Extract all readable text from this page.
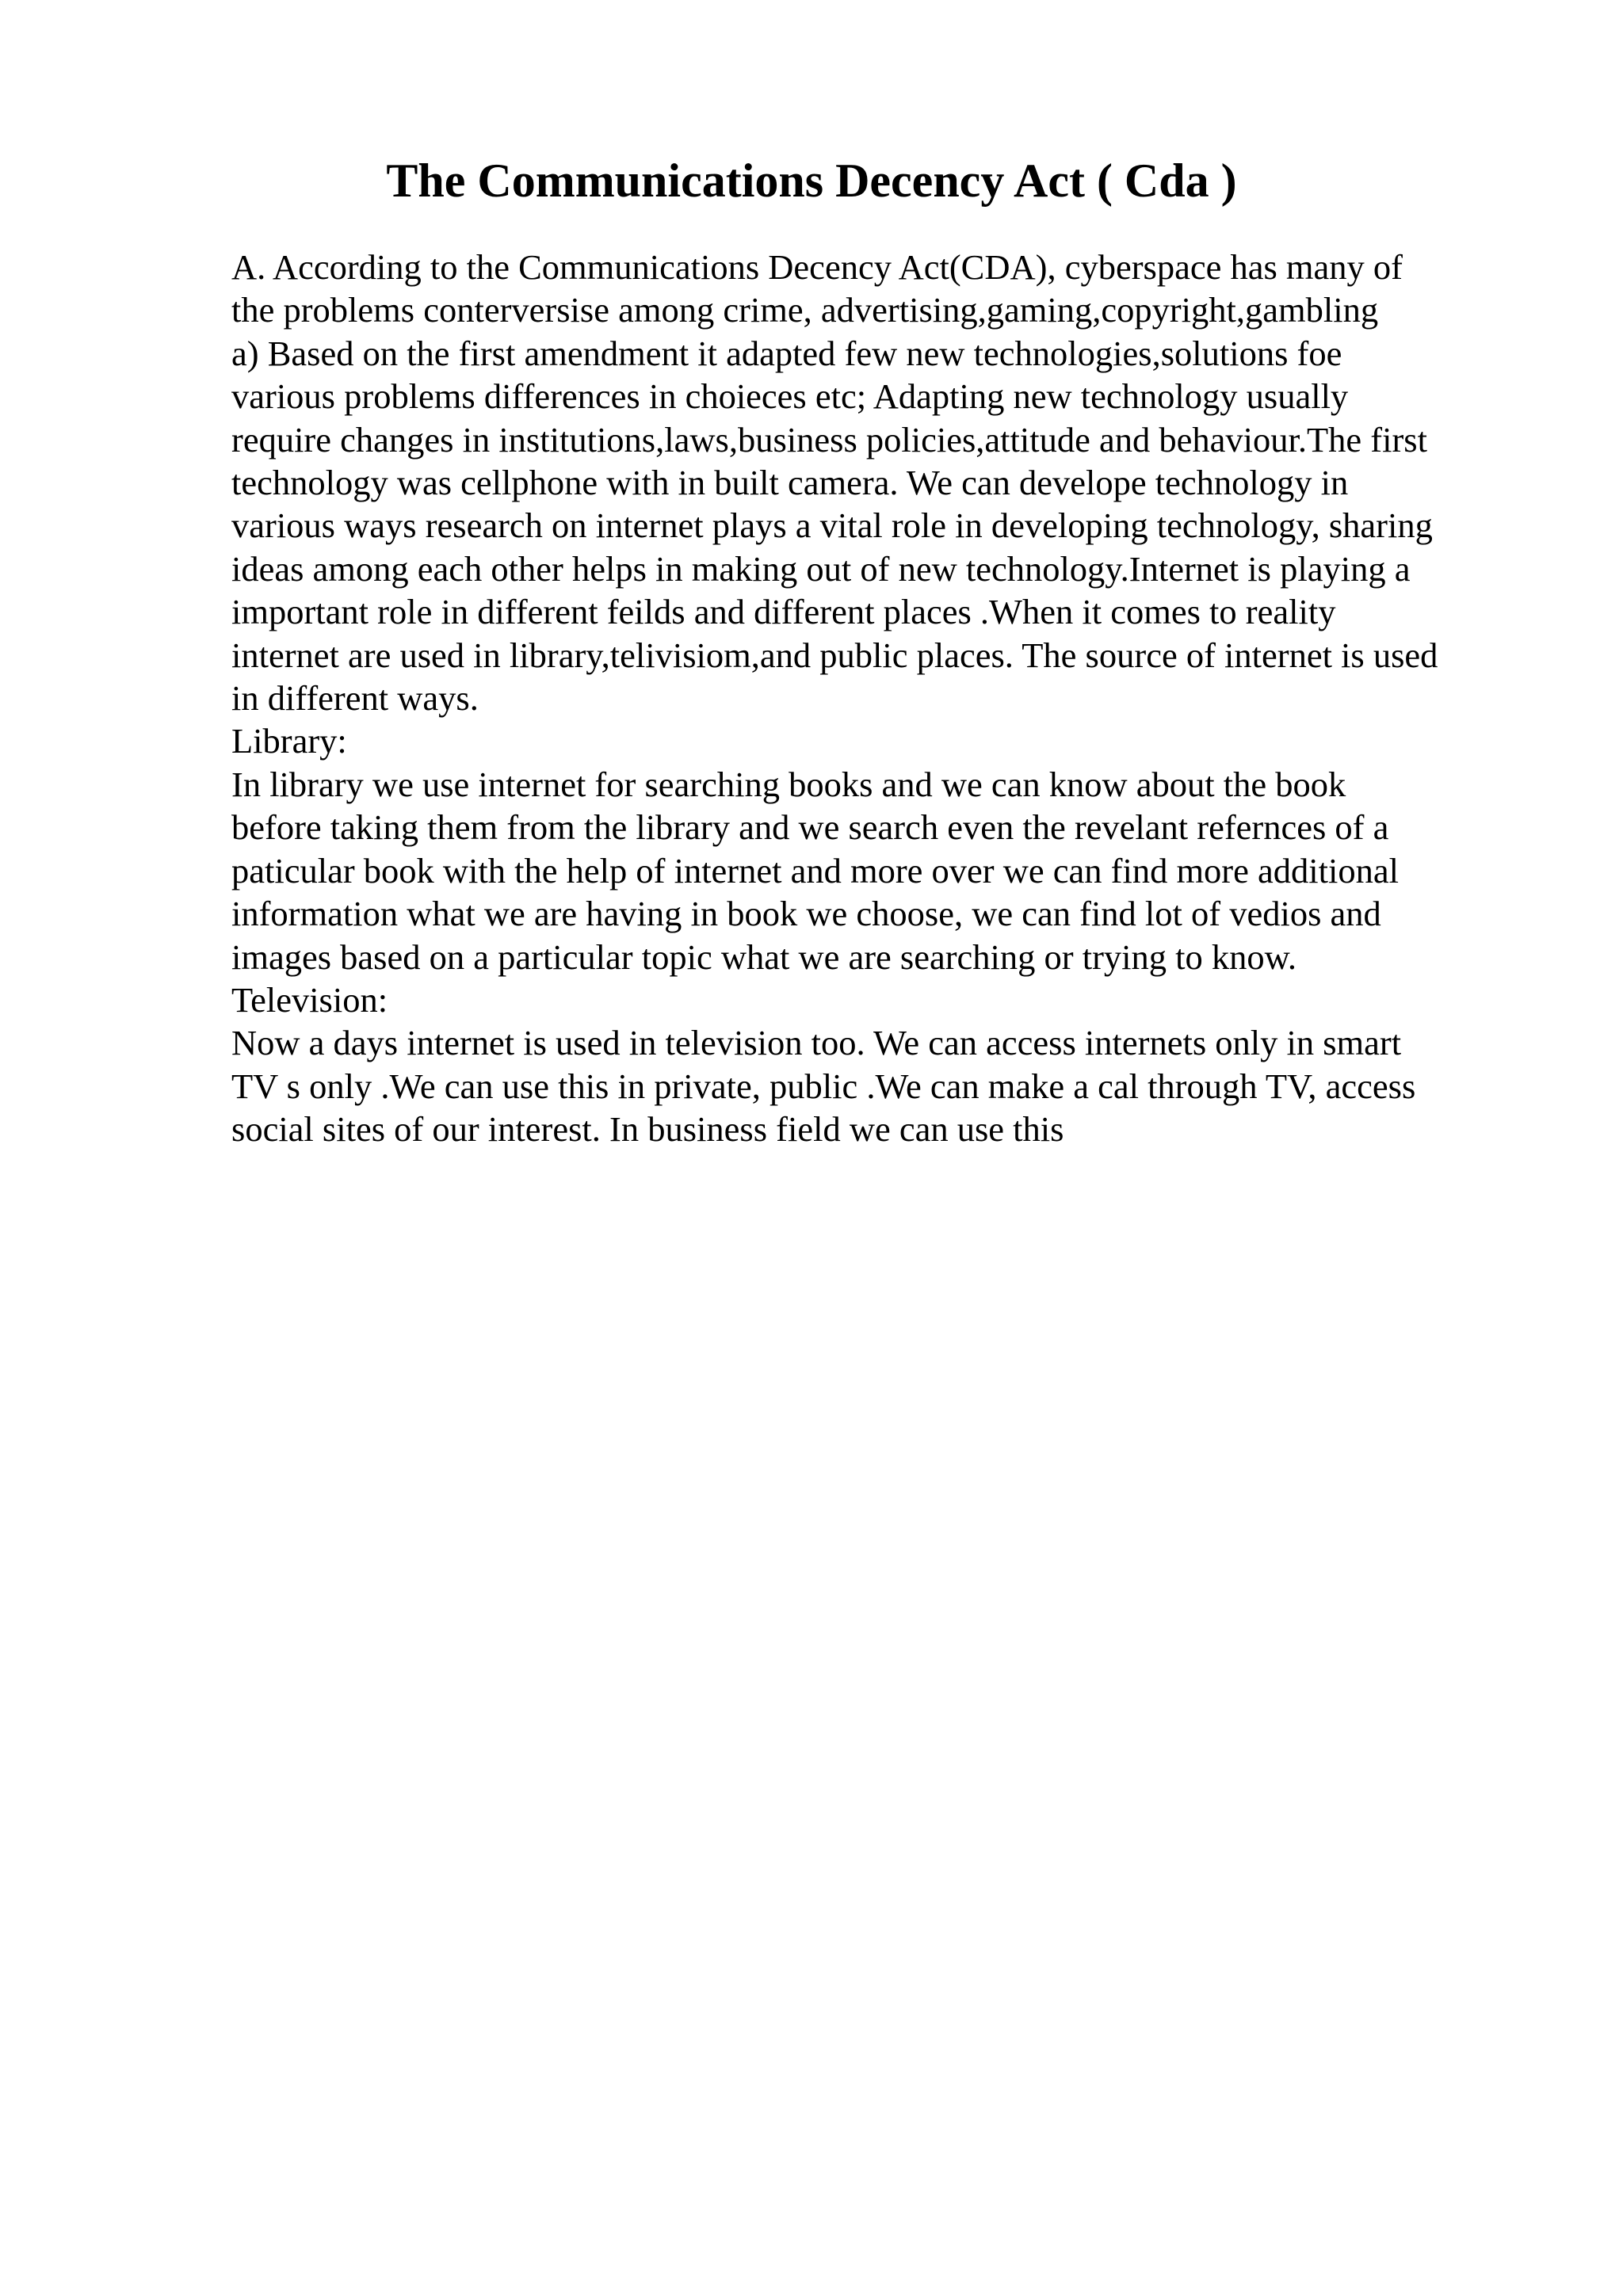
The Communications Decency Act ( Cda )
A. According to the Communications Decency Act(CDA), cyberspace has many of
the problems conterversise among crime, advertising,gaming,copyright,gambling
a) Based on the first amendment it adapted few new technologies,solutions foe
various problems differences in choieces etc; Adapting new technology usually
require changes in institutions,laws,business policies,attitude and behaviour.The first
technology was cellphone with in built camera. We can develope technology in
various ways research on internet plays a vital role in developing technology, sharing
ideas among each other helps in making out of new technology.Internet is playing a
important role in different feilds and different places .When it comes to reality
internet are used in library,telivisiom,and public places. The source of internet is used
in different ways.
Library:
In library we use internet for searching books and we can know about the book
before taking them from the library and we search even the revelant refernces of a
paticular book with the help of internet and more over we can find more additional
information what we are having in book we choose, we can find lot of vedios and
images based on a particular topic what we are searching or trying to know.
Television:
Now a days internet is used in television too. We can access internets only in smart
TV s only .We can use this in private, public .We can make a cal through TV, access
social sites of our interest. In business field we can use this
